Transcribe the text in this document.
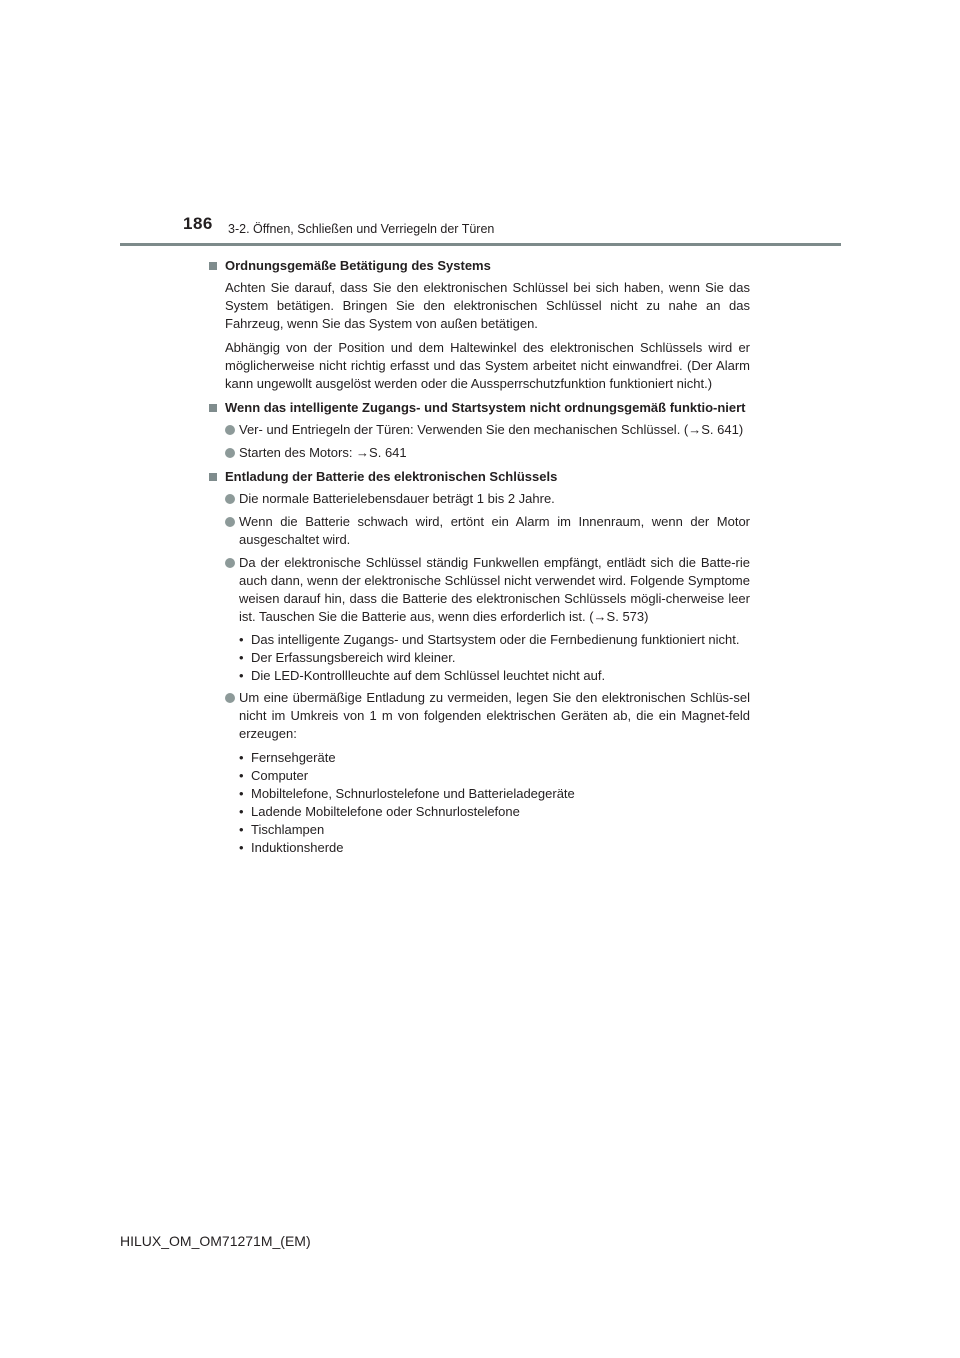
186 3-2. Öffnen, Schließen und Verriegeln der Türen
Ordnungsgemäße Betätigung des Systems

Achten Sie darauf, dass Sie den elektronischen Schlüssel bei sich haben, wenn Sie das System betätigen. Bringen Sie den elektronischen Schlüssel nicht zu nahe an das Fahrzeug, wenn Sie das System von außen betätigen.

Abhängig von der Position und dem Haltewinkel des elektronischen Schlüssels wird er möglicherweise nicht richtig erfasst und das System arbeitet nicht einwandfrei. (Der Alarm kann ungewollt ausgelöst werden oder die Aussperrschutzfunktion funktioniert nicht.)

Wenn das intelligente Zugangs- und Startsystem nicht ordnungsgemäß funktio-niert
Ver- und Entriegeln der Türen: Verwenden Sie den mechanischen Schlüssel. (→S. 641)
Starten des Motors: →S. 641
Entladung der Batterie des elektronischen Schlüssels
Die normale Batterielebensdauer beträgt 1 bis 2 Jahre.
Wenn die Batterie schwach wird, ertönt ein Alarm im Innenraum, wenn der Motor ausgeschaltet wird.
Da der elektronische Schlüssel ständig Funkwellen empfängt, entlädt sich die Batte-rie auch dann, wenn der elektronische Schlüssel nicht verwendet wird. Folgende Symptome weisen darauf hin, dass die Batterie des elektronischen Schlüssels mögli-cherweise leer ist. Tauschen Sie die Batterie aus, wenn dies erforderlich ist. (→S. 573)
• Das intelligente Zugangs- und Startsystem oder die Fernbedienung funktioniert nicht.
• Der Erfassungsbereich wird kleiner.
• Die LED-Kontrollleuchte auf dem Schlüssel leuchtet nicht auf.
Um eine übermäßige Entladung zu vermeiden, legen Sie den elektronischen Schlüs-sel nicht im Umkreis von 1 m von folgenden elektrischen Geräten ab, die ein Magnet-feld erzeugen:
• Fernsehgeräte
• Computer
• Mobiltelefone, Schnurlostelefone und Batterieladegeräte
• Ladende Mobiltelefone oder Schnurlostelefone
• Tischlampen
• Induktionsherde
HILUX_OM_OM71271M_(EM)
